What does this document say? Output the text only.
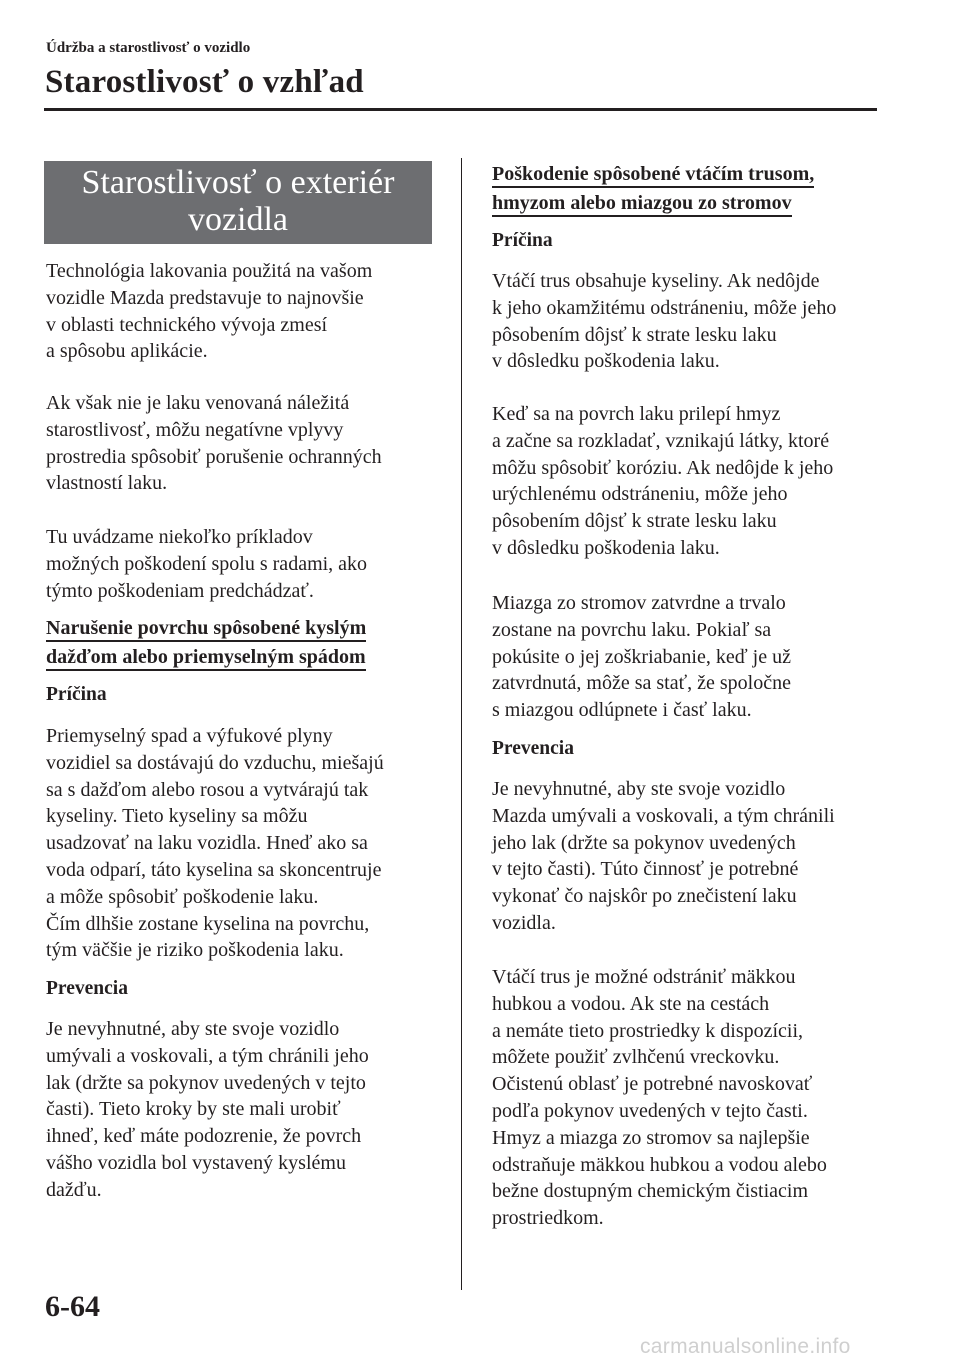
Údržba a starostlivosť o vozidlo
Starostlivosť o vzhľad
Starostlivosť o exteriér
vozidla

Technológia lakovania použitá na vašom
vozidle Mazda predstavuje to najnovšie
v oblasti technického vývoja zmesí
a spôsobu aplikácie.

Ak však nie je laku venovaná náležitá
starostlivosť, môžu negatívne vplyvy
prostredia spôsobiť porušenie ochranných
vlastností laku.

Tu uvádzame niekoľko príkladov
možných poškodení spolu s radami, ako
týmto poškodeniam predchádzať.

Narušenie povrchu spôsobené kyslým
dažďom alebo priemyselným spádom

Príčina

Priemyselný spad a výfukové plyny
vozidiel sa dostávajú do vzduchu, miešajú
sa s dažďom alebo rosou a vytvárajú tak
kyseliny. Tieto kyseliny sa môžu
usadzovať na laku vozidla. Hneď ako sa
voda odparí, táto kyselina sa skoncentruje
a môže spôsobiť poškodenie laku.
Čím dlhšie zostane kyselina na povrchu,
tým väčšie je riziko poškodenia laku.

Prevencia

Je nevyhnutné, aby ste svoje vozidlo
umývali a voskovali, a tým chránili jeho
lak (držte sa pokynov uvedených v tejto
časti). Tieto kroky by ste mali urobiť
ihneď, keď máte podozrenie, že povrch
vášho vozidla bol vystavený kyslému
dažďu.

Poškodenie spôsobené vtáčím trusom,
hmyzom alebo miazgou zo stromov

Príčina

Vtáčí trus obsahuje kyseliny. Ak nedôjde
k jeho okamžitému odstráneniu, môže jeho
pôsobením dôjsť k strate lesku laku
v dôsledku poškodenia laku.

Keď sa na povrch laku prilepí hmyz
a začne sa rozkladať, vznikajú látky, ktoré
môžu spôsobiť koróziu. Ak nedôjde k jeho
urýchlenému odstráneniu, môže jeho
pôsobením dôjsť k strate lesku laku
v dôsledku poškodenia laku.

Miazga zo stromov zatvrdne a trvalo
zostane na povrchu laku. Pokiaľ sa
pokúsite o jej zoškriabanie, keď je už
zatvrdnutá, môže sa stať, že spoločne
s miazgou odlúpnete i časť laku.

Prevencia

Je nevyhnutné, aby ste svoje vozidlo
Mazda umývali a voskovali, a tým chránili
jeho lak (držte sa pokynov uvedených
v tejto časti). Túto činnosť je potrebné
vykonať čo najskôr po znečistení laku
vozidla.

Vtáčí trus je možné odstrániť mäkkou
hubkou a vodou. Ak ste na cestách
a nemáte tieto prostriedky k dispozícii,
môžete použiť zvlhčenú vreckovku.
Očistenú oblasť je potrebné navoskovať
podľa pokynov uvedených v tejto časti.
Hmyz a miazga zo stromov sa najlepšie
odstraňuje mäkkou hubkou a vodou alebo
bežne dostupným chemickým čistiacim
prostriedkom.

6-64
carmanualsonline.info
